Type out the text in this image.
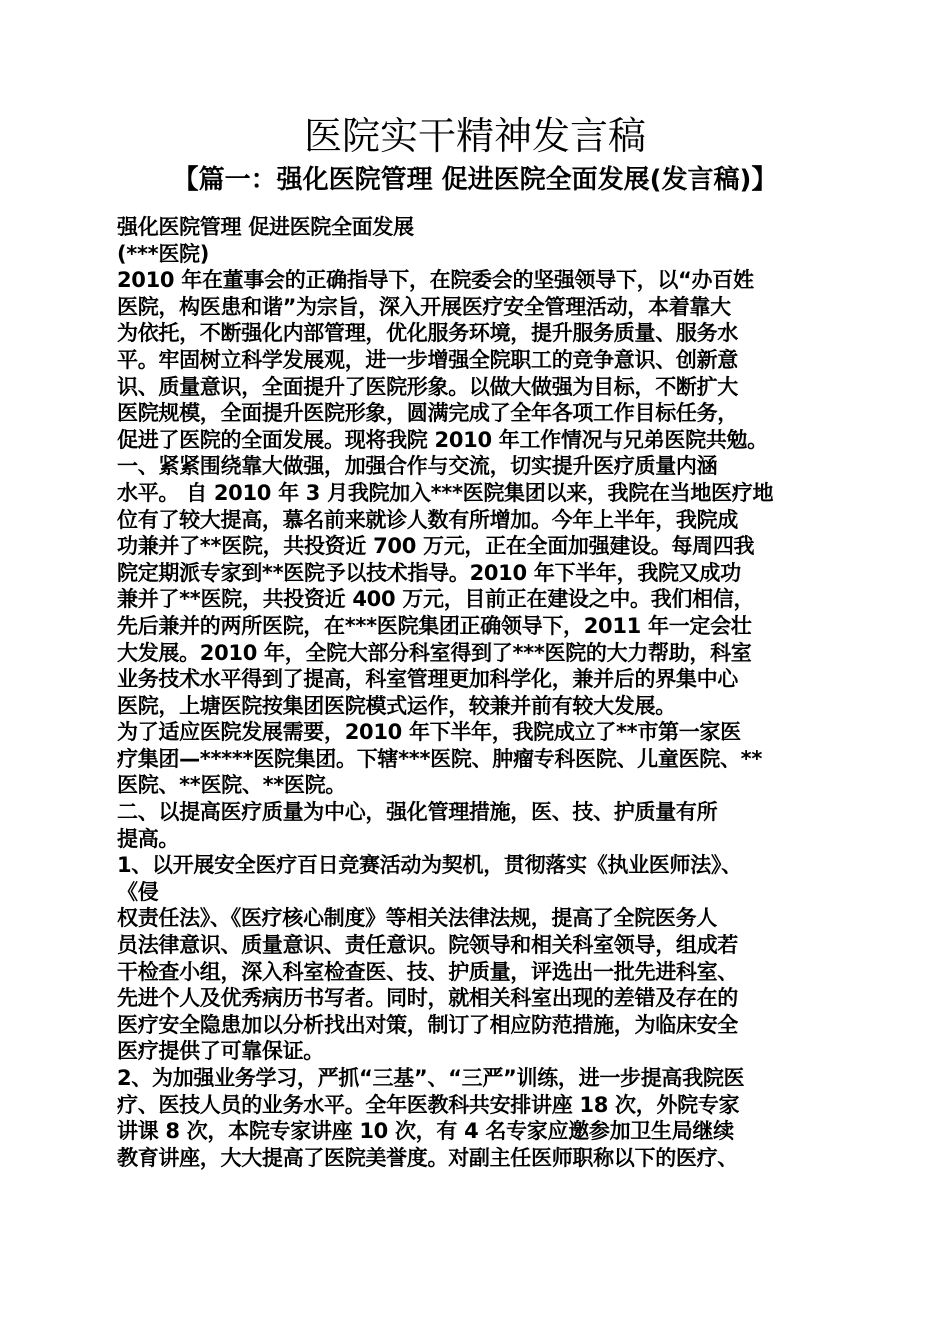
医院实干精神发言稿
【篇一：强化医院管理 促进医院全面发展(发言稿)】
强化医院管理 促进医院全面发展
(***医院)
2010 年在董事会的正确指导下，在院委会的坚强领导下，以“办百姓
医院，构医患和谐”为宗旨，深入开展医疗安全管理活动，本着靠大
为依托，不断强化内部管理，优化服务环境，提升服务质量、服务水
平。牢固树立科学发展观，进一步增强全院职工的竞争意识、创新意
识、质量意识，全面提升了医院形象。以做大做强为目标，不断扩大
医院规模，全面提升医院形象，圆满完成了全年各项工作目标任务，
促进了医院的全面发展。现将我院 2010 年工作情况与兄弟医院共勉。
一、紧紧围绕靠大做强，加强合作与交流，切实提升医疗质量内涵
水平。 自 2010 年 3 月我院加入***医院集团以来，我院在当地医疗地
位有了较大提高，慕名前来就诊人数有所增加。今年上半年，我院成
功兼并了**医院，共投资近 700 万元，正在全面加强建设。每周四我
院定期派专家到**医院予以技术指导。2010 年下半年，我院又成功
兼并了**医院，共投资近 400 万元，目前正在建设之中。我们相信，
先后兼并的两所医院，在***医院集团正确领导下，2011 年一定会壮
大发展。2010 年，全院大部分科室得到了***医院的大力帮助，科室
业务技术水平得到了提高，科室管理更加科学化，兼并后的界集中心
医院，上塘医院按集团医院模式运作，较兼并前有较大发展。
为了适应医院发展需要，2010 年下半年，我院成立了**市第一家医
疗集团—*****医院集团。下辖***医院、肿瘤专科医院、儿童医院、**
医院、**医院、**医院。
二、以提高医疗质量为中心，强化管理措施，医、技、护质量有所
提高。
1、以开展安全医疗百日竞赛活动为契机，贯彻落实《执业医师法》、
《侵
权责任法》、《医疗核心制度》等相关法律法规，提高了全院医务人
员法律意识、质量意识、责任意识。院领导和相关科室领导，组成若
干检查小组，深入科室检查医、技、护质量，评选出一批先进科室、
先进个人及优秀病历书写者。同时，就相关科室出现的差错及存在的
医疗安全隐患加以分析找出对策，制订了相应防范措施，为临床安全
医疗提供了可靠保证。
2、为加强业务学习，严抓“三基”、“三严”训练，进一步提高我院医
疗、医技人员的业务水平。全年医教科共安排讲座 18 次，外院专家
讲课 8 次，本院专家讲座 10 次，有 4 名专家应邀参加卫生局继续
教育讲座，大大提高了医院美誉度。对副主任医师职称以下的医疗、
